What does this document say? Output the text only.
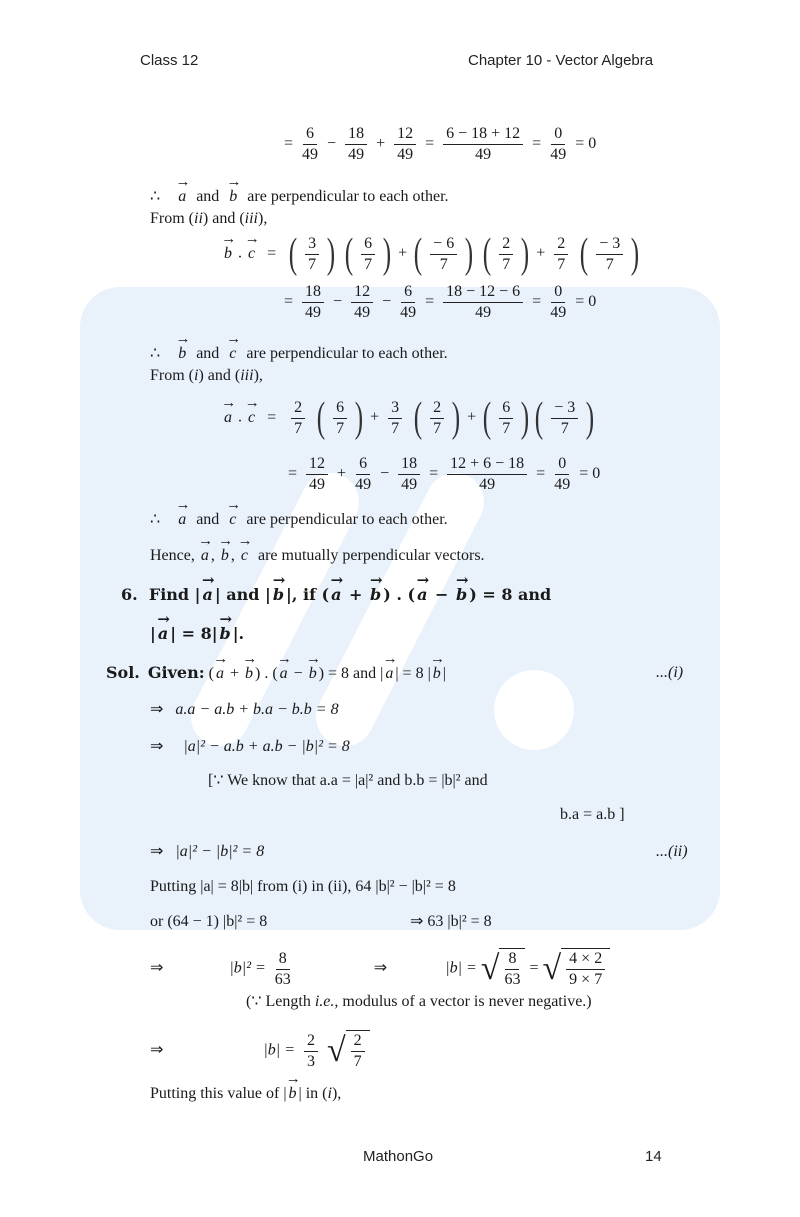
Class 12	Chapter 10 - Vector Algebra
= $\frac{6}{49} - \frac{18}{49} + \frac{12}{49} = \frac{6 - 18 + 12}{49} = \frac{0}{49} = 0$
∴ → a and → b are perpendicular to each other.
From (ii) and (iii),
→ b . → c = ( $\frac{3}{7}$ )
( $\frac{6}{7}$ ) + ( $\frac{- 6}{7}$ )
( $\frac{2}{7}$ ) + $\frac{2}{7}$
( $\frac{- 3}{7}$ )
= $\frac{18}{49} - \frac{12}{49} - \frac{6}{49} = \frac{18 - 12 - 6}{49} = \frac{0}{49} = 0$
∴ → b and → c are perpendicular to each other.
From (i) and (iii),
→ a . → $c = \frac{2}{7}$
( $\frac{6}{7}$ ) + $\frac{3}{7}$
( $\frac{2}{7}$ ) + ( $\frac{6}{7}$ ) ( $\frac{- 3}{7}$ )
= $\frac{12}{49} + \frac{6}{49} - \frac{18}{49} = \frac{12 + 6 - 18}{49} = \frac{0}{49} = 0$
∴ → a and → c are perpendicular to each other.
Hence, → a , → b , → c are mutually perpendicular vectors.
6. Find | → a | and | → b |, if ( → a + → b ) . ( → a − → b ) = 8 and
| → a | = 8| → b |.
Sol. Given: ( → a + → b ) . ( → a − → b ) = 8 and | → a | = 8 | → b |	...(i)
⇒ a.a − a.b + b.a − b.b = 8
⇒ |a|² − a.b + a.b − |b|² = 8
[∵ We know that a.a = |a|² and b.b = |b|² and
b.a = a.b ]
⇒ |a|² − |b|² = 8	...(ii)
Putting |a| = 8|b| from (i) in (ii), 64 |b|² − |b|² = 8
or (64 − 1) |b|² = 8	⇒ 63 |b|² = 8
⇒	$|b|^2 = \frac{8}{63}$	⇒	|b| = √ $\frac{8}{63}$ = √ $\frac{4 \times 2}{9 \times 7}$
(∵ Length i.e., modulus of a vector is never negative.)
⇒	$|b| = \frac{2}{3}$
√ $\frac{2}{7}$
Putting this value of | → b | in (i),
MathonGo	14
